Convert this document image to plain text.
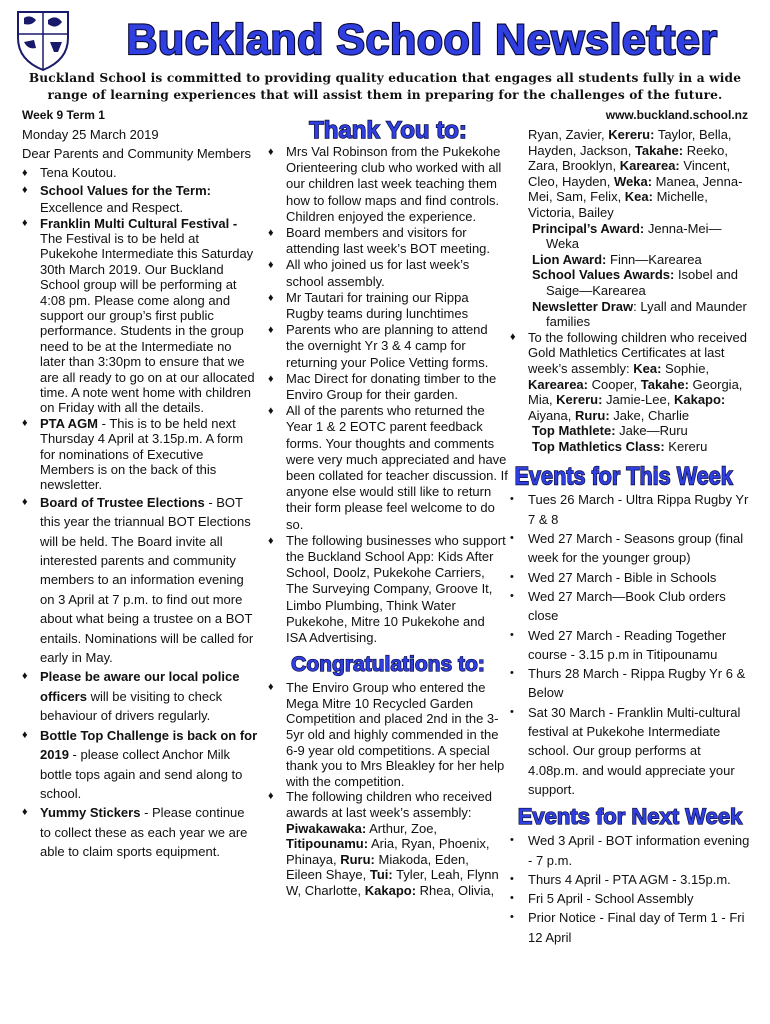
Buckland School Newsletter
Buckland School is committed to providing quality education that engages all students fully in a wide range of learning experiences that will assist them in preparing for the challenges of the future.
www.buckland.school.nz
Week 9 Term 1
Monday 25 March 2019
Dear Parents and Community Members
♦ Tena Koutou.
♦ School Values for the Term: Excellence and Respect.
♦ Franklin Multi Cultural Festival - The Festival is to be held at Pukekohe Intermediate this Saturday 30th March 2019. Our Buckland School group will be performing at 4:08 pm. Please come along and support our group’s first public performance. Students in the group need to be at the Intermediate no later than 3:30pm to ensure that we are all ready to go on at our allocated time. A note went home with children on Friday with all the details.
♦ PTA AGM - This is to be held next Thursday 4 April at 3.15p.m. A form for nominations of Executive Members is on the back of this newsletter.
♦ Board of Trustee Elections - BOT this year the triannual BOT Elections will be held. The Board invite all interested parents and community members to an information evening on 3 April at 7 p.m. to find out more about what being a trustee on a BOT entails. Nominations will be called for early in May.
♦ Please be aware our local police officers will be visiting to check behaviour of drivers regularly.
♦ Bottle Top Challenge is back on for 2019 - please collect Anchor Milk bottle tops again and send along to school.
♦ Yummy Stickers - Please continue to collect these as each year we are able to claim sports equipment.
Thank You to:
♦ Mrs Val Robinson from the Pukekohe Orienteering club who worked with all our children last week teaching them how to follow maps and find controls. Children enjoyed the experience.
♦ Board members and visitors for attending last week’s BOT meeting.
♦ All who joined us for last week’s school assembly.
♦ Mr Tautari for training our Rippa Rugby teams during lunchtimes
♦ Parents who are planning to attend the overnight Yr 3 & 4 camp for returning your Police Vetting forms.
♦ Mac Direct for donating timber to the Enviro Group for their garden.
♦ All of the parents who returned the Year 1 & 2 EOTC parent feedback forms. Your thoughts and comments were very much appreciated and have been collated for teacher discussion. If anyone else would still like to return their form please feel welcome to do so.
♦ The following businesses who support the Buckland School App: Kids After School, Doolz, Pukekohe Carriers, The Surveying Company, Groove It, Limbo Plumbing, Think Water Pukekohe, Mitre 10 Pukekohe and ISA Advertising.
Congratulations to:
♦ The Enviro Group who entered the Mega Mitre 10 Recycled Garden Competition and placed 2nd in the 3-5yr old and highly commended in the 6-9 year old competitions. A special thank you to Mrs Bleakley for her help with the competition.
♦ The following children who received awards at last week’s assembly: Piwakawaka: Arthur, Zoe, Titipounamu: Aria, Ryan, Phoenix, Phinaya, Ruru: Miakoda, Eden, Eileen Shaye, Tui: Tyler, Leah, Flynn W, Charlotte, Kakapo: Rhea, Olivia,
Ryan, Zavier, Kereru: Taylor, Bella, Hayden, Jackson, Takahe: Reeko, Zara, Brooklyn, Karearea: Vincent, Cleo, Hayden, Weka: Manea, Jenna-Mei, Sam, Felix, Kea: Michelle, Victoria, Bailey
Principal’s Award: Jenna-Mei—Weka
Lion Award: Finn—Karearea
School Values Awards: Isobel and Saige—Karearea
Newsletter Draw: Lyall and Maunder families
♦ To the following children who received Gold Mathletics Certificates at last week’s assembly: Kea: Sophie, Karearea: Cooper, Takahe: Georgia, Mia, Kereru: Jamie-Lee, Kakapo: Aiyana, Ruru: Jake, Charlie
Top Mathlete: Jake—Ruru
Top Mathletics Class: Kereru
Events for This Week
• Tues 26 March - Ultra Rippa Rugby Yr 7 & 8
• Wed 27 March - Seasons group (final week for the younger group)
• Wed 27 March - Bible in Schools
• Wed 27 March—Book Club orders close
• Wed 27 March - Reading Together course - 3.15 p.m in Titipounamu
• Thurs 28 March - Rippa Rugby Yr 6 & Below
• Sat 30 March - Franklin Multi-cultural festival at Pukekohe Intermediate school. Our group performs at 4.08p.m. and would appreciate your support.
Events for Next Week
• Wed 3 April - BOT information evening - 7 p.m.
• Thurs 4 April - PTA AGM - 3.15p.m.
• Fri 5 April - School Assembly
• Prior Notice - Final day of Term 1 - Fri 12 April
